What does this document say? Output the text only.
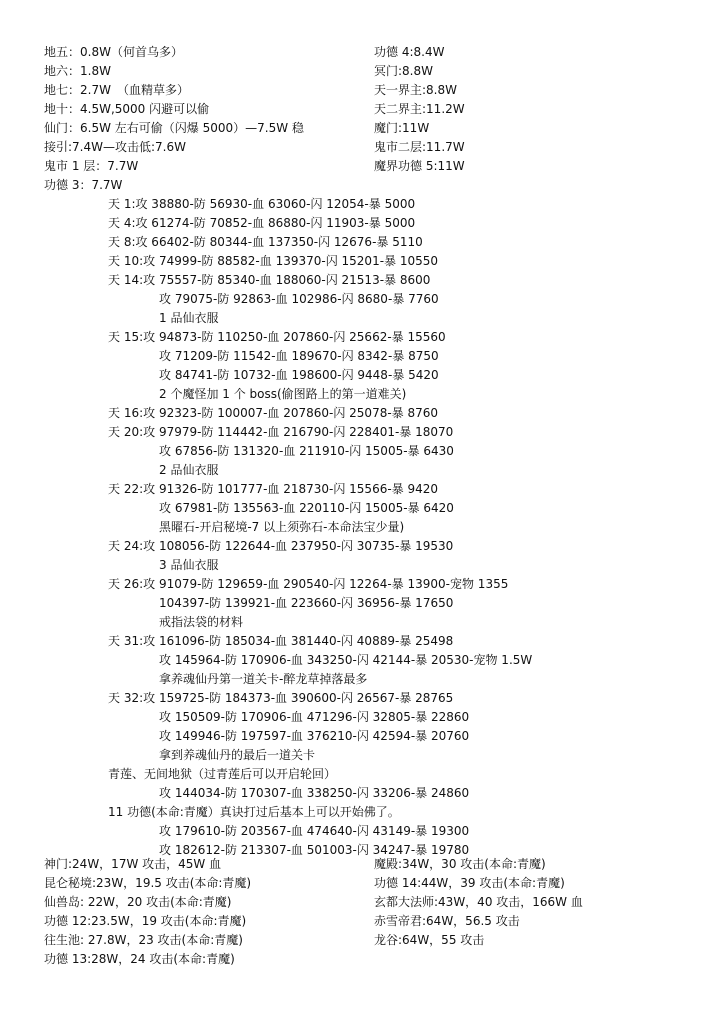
地五：0.8W（何首乌多）
地六：1.8W
地七：2.7W　（血精草多）
地十：4.5W,5000 闪避可以偷
仙门：6.5W 左右可偷（闪爆 5000）—7.5W 稳
接引:7.4W—攻击低:7.6W
鬼市 1 层：7.7W
功德 4:8.4W
冥门:8.8W
天一界主:8.8W
天二界主:11.2W
魔门:11W
鬼市二层:11.7W
魔界功德 5:11W
功德 3：7.7W
天 1:攻 38880-防 56930-血 63060-闪 12054-暴 5000
天 4:攻 61274-防 70852-血 86880-闪 11903-暴 5000
天 8:攻 66402-防 80344-血 137350-闪 12676-暴 5110
天 10:攻 74999-防 88582-血 139370-闪 15201-暴 10550
天 14:攻 75557-防 85340-血 188060-闪 21513-暴 8600
攻 79075-防 92863-血 102986-闪 8680-暴 7760
1 品仙衣服
天 15:攻 94873-防 110250-血 207860-闪 25662-暴 15560
攻 71209-防 11542-血 189670-闪 8342-暴 8750
攻 84741-防 10732-血 198600-闪 9448-暴 5420
2 个魔怪加 1 个 boss(偷图路上的第一道难关)
天 16:攻 92323-防 100007-血 207860-闪 25078-暴 8760
天 20:攻 97979-防 114442-血 216790-闪 228401-暴 18070
攻 67856-防 131320-血 211910-闪 15005-暴 6430
2 品仙衣服
天 22:攻 91326-防 101777-血 218730-闪 15566-暴 9420
攻 67981-防 135563-血 220110-闪 15005-暴 6420
黑曜石-开启秘境-7 以上须弥石-本命法宝少量)
天 24:攻 108056-防 122644-血 237950-闪 30735-暴 19530
3 品仙衣服
天 26:攻 91079-防 129659-血 290540-闪 12264-暴 13900-宠物 1355
104397-防 139921-血 223660-闪 36956-暴 17650
戒指法袋的材料
天 31:攻 161096-防 185034-血 381440-闪 40889-暴 25498
攻 145964-防 170906-血 343250-闪 42144-暴 20530-宠物 1.5W
拿养魂仙丹第一道关卡-醉龙草掉落最多
天 32:攻 159725-防 184373-血 390600-闪 26567-暴 28765
攻 150509-防 170906-血 471296-闪 32805-暴 22860
攻 149946-防 197597-血 376210-闪 42594-暴 20760
拿到养魂仙丹的最后一道关卡
青莲、无间地狱（过青莲后可以开启轮回）
攻 144034-防 170307-血 338250-闪 33206-暴 24860
11 功德(本命:青魔）真诀打过后基本上可以开始佛了。
攻 179610-防 203567-血 474640-闪 43149-暴 19300
攻 182612-防 213307-血 501003-闪 34247-暴 19780
神门:24W，17W 攻击，45W 血
昆仑秘境:23W，19.5 攻击(本命:青魔)
仙兽岛: 22W，20 攻击(本命:青魔)
功德 12:23.5W，19 攻击(本命:青魔)
往生池: 27.8W，23 攻击(本命:青魔)
功德 13:28W，24 攻击(本命:青魔)
魔殿:34W，30 攻击(本命:青魔)
功德 14:44W，39 攻击(本命:青魔)
玄都大法师:43W，40 攻击，166W 血
赤雪帝君:64W，56.5 攻击
龙谷:64W，55 攻击
